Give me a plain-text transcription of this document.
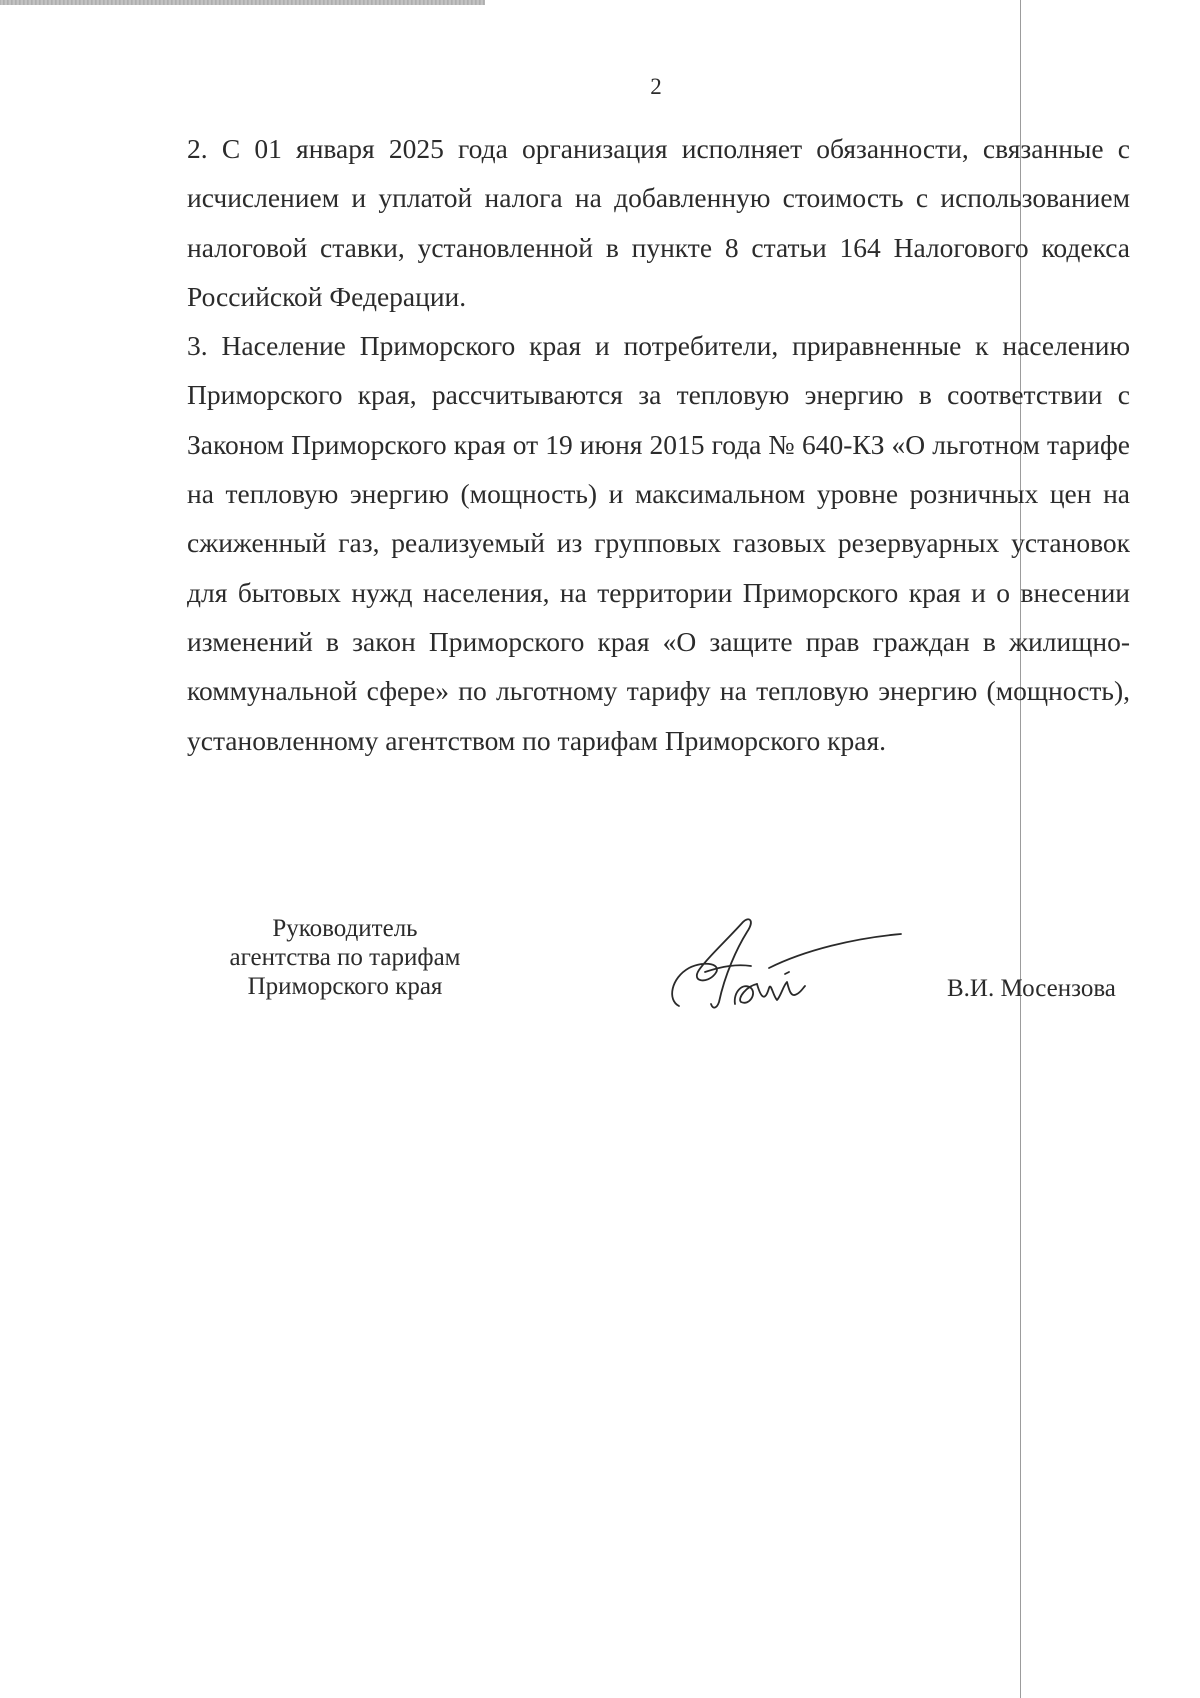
2

2. С 01 января 2025 года организация исполняет обязанности, связанные с исчислением и уплатой налога на добавленную стоимость с использованием налоговой ставки, установленной в пункте 8 статьи 164 Налогового кодекса Российской Федерации.

3. Население Приморского края и потребители, приравненные к населению Приморского края, рассчитываются за тепловую энергию в соответствии с Законом Приморского края от 19 июня 2015 года № 640-КЗ «О льготном тарифе на тепловую энергию (мощность) и максимальном уровне розничных цен на сжиженный газ, реализуемый из групповых газовых резервуарных установок для бытовых нужд населения, на территории Приморского края и о внесении изменений в закон Приморского края «О защите прав граждан в жилищно-коммунальной сфере» по льготному тарифу на тепловую энергию (мощность), установленному агентством по тарифам Приморского края.

Руководитель
агентства по тарифам
Приморского края	В.И. Мосензова
